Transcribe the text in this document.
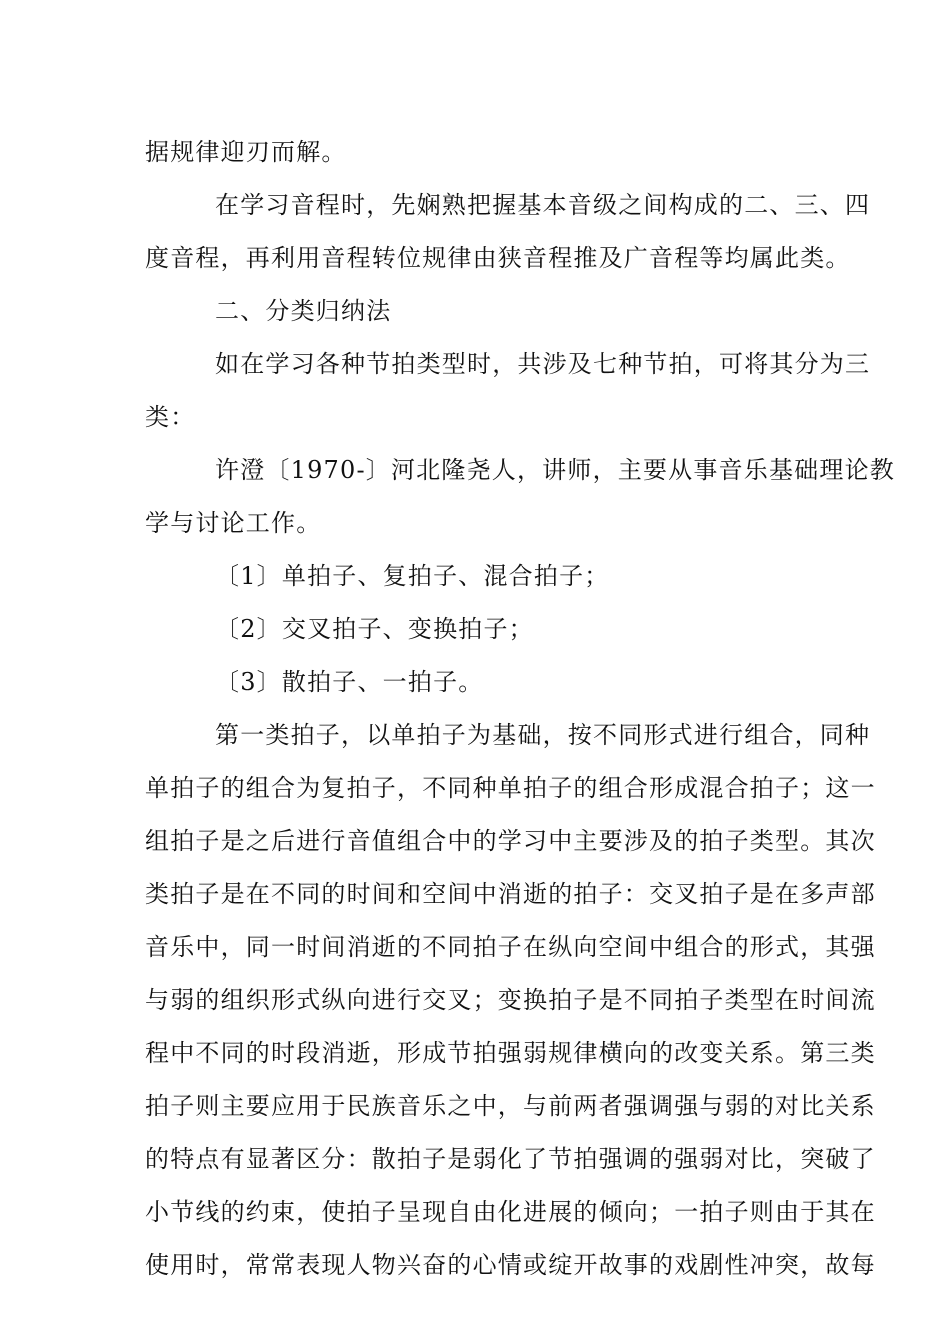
据规律迎刃而解。
在学习音程时，先娴熟把握基本音级之间构成的二、三、四
度音程，再利用音程转位规律由狭音程推及广音程等均属此类。
二、分类归纳法
如在学习各种节拍类型时，共涉及七种节拍，可将其分为三
类：
许澄〔1970-〕河北隆尧人，讲师，主要从事音乐基础理论教
学与讨论工作。
〔1〕单拍子、复拍子、混合拍子；
〔2〕交叉拍子、变换拍子；
〔3〕散拍子、一拍子。
第一类拍子，以单拍子为基础，按不同形式进行组合，同种
单拍子的组合为复拍子，不同种单拍子的组合形成混合拍子；这一
组拍子是之后进行音值组合中的学习中主要涉及的拍子类型。其次
类拍子是在不同的时间和空间中消逝的拍子：交叉拍子是在多声部
音乐中，同一时间消逝的不同拍子在纵向空间中组合的形式，其强
与弱的组织形式纵向进行交叉；变换拍子是不同拍子类型在时间流
程中不同的时段消逝，形成节拍强弱规律横向的改变关系。第三类
拍子则主要应用于民族音乐之中，与前两者强调强与弱的对比关系
的特点有显著区分：散拍子是弱化了节拍强调的强弱对比，突破了
小节线的约束，使拍子呈现自由化进展的倾向；一拍子则由于其在
使用时，常常表现人物兴奋的心情或绽开故事的戏剧性冲突，故每
